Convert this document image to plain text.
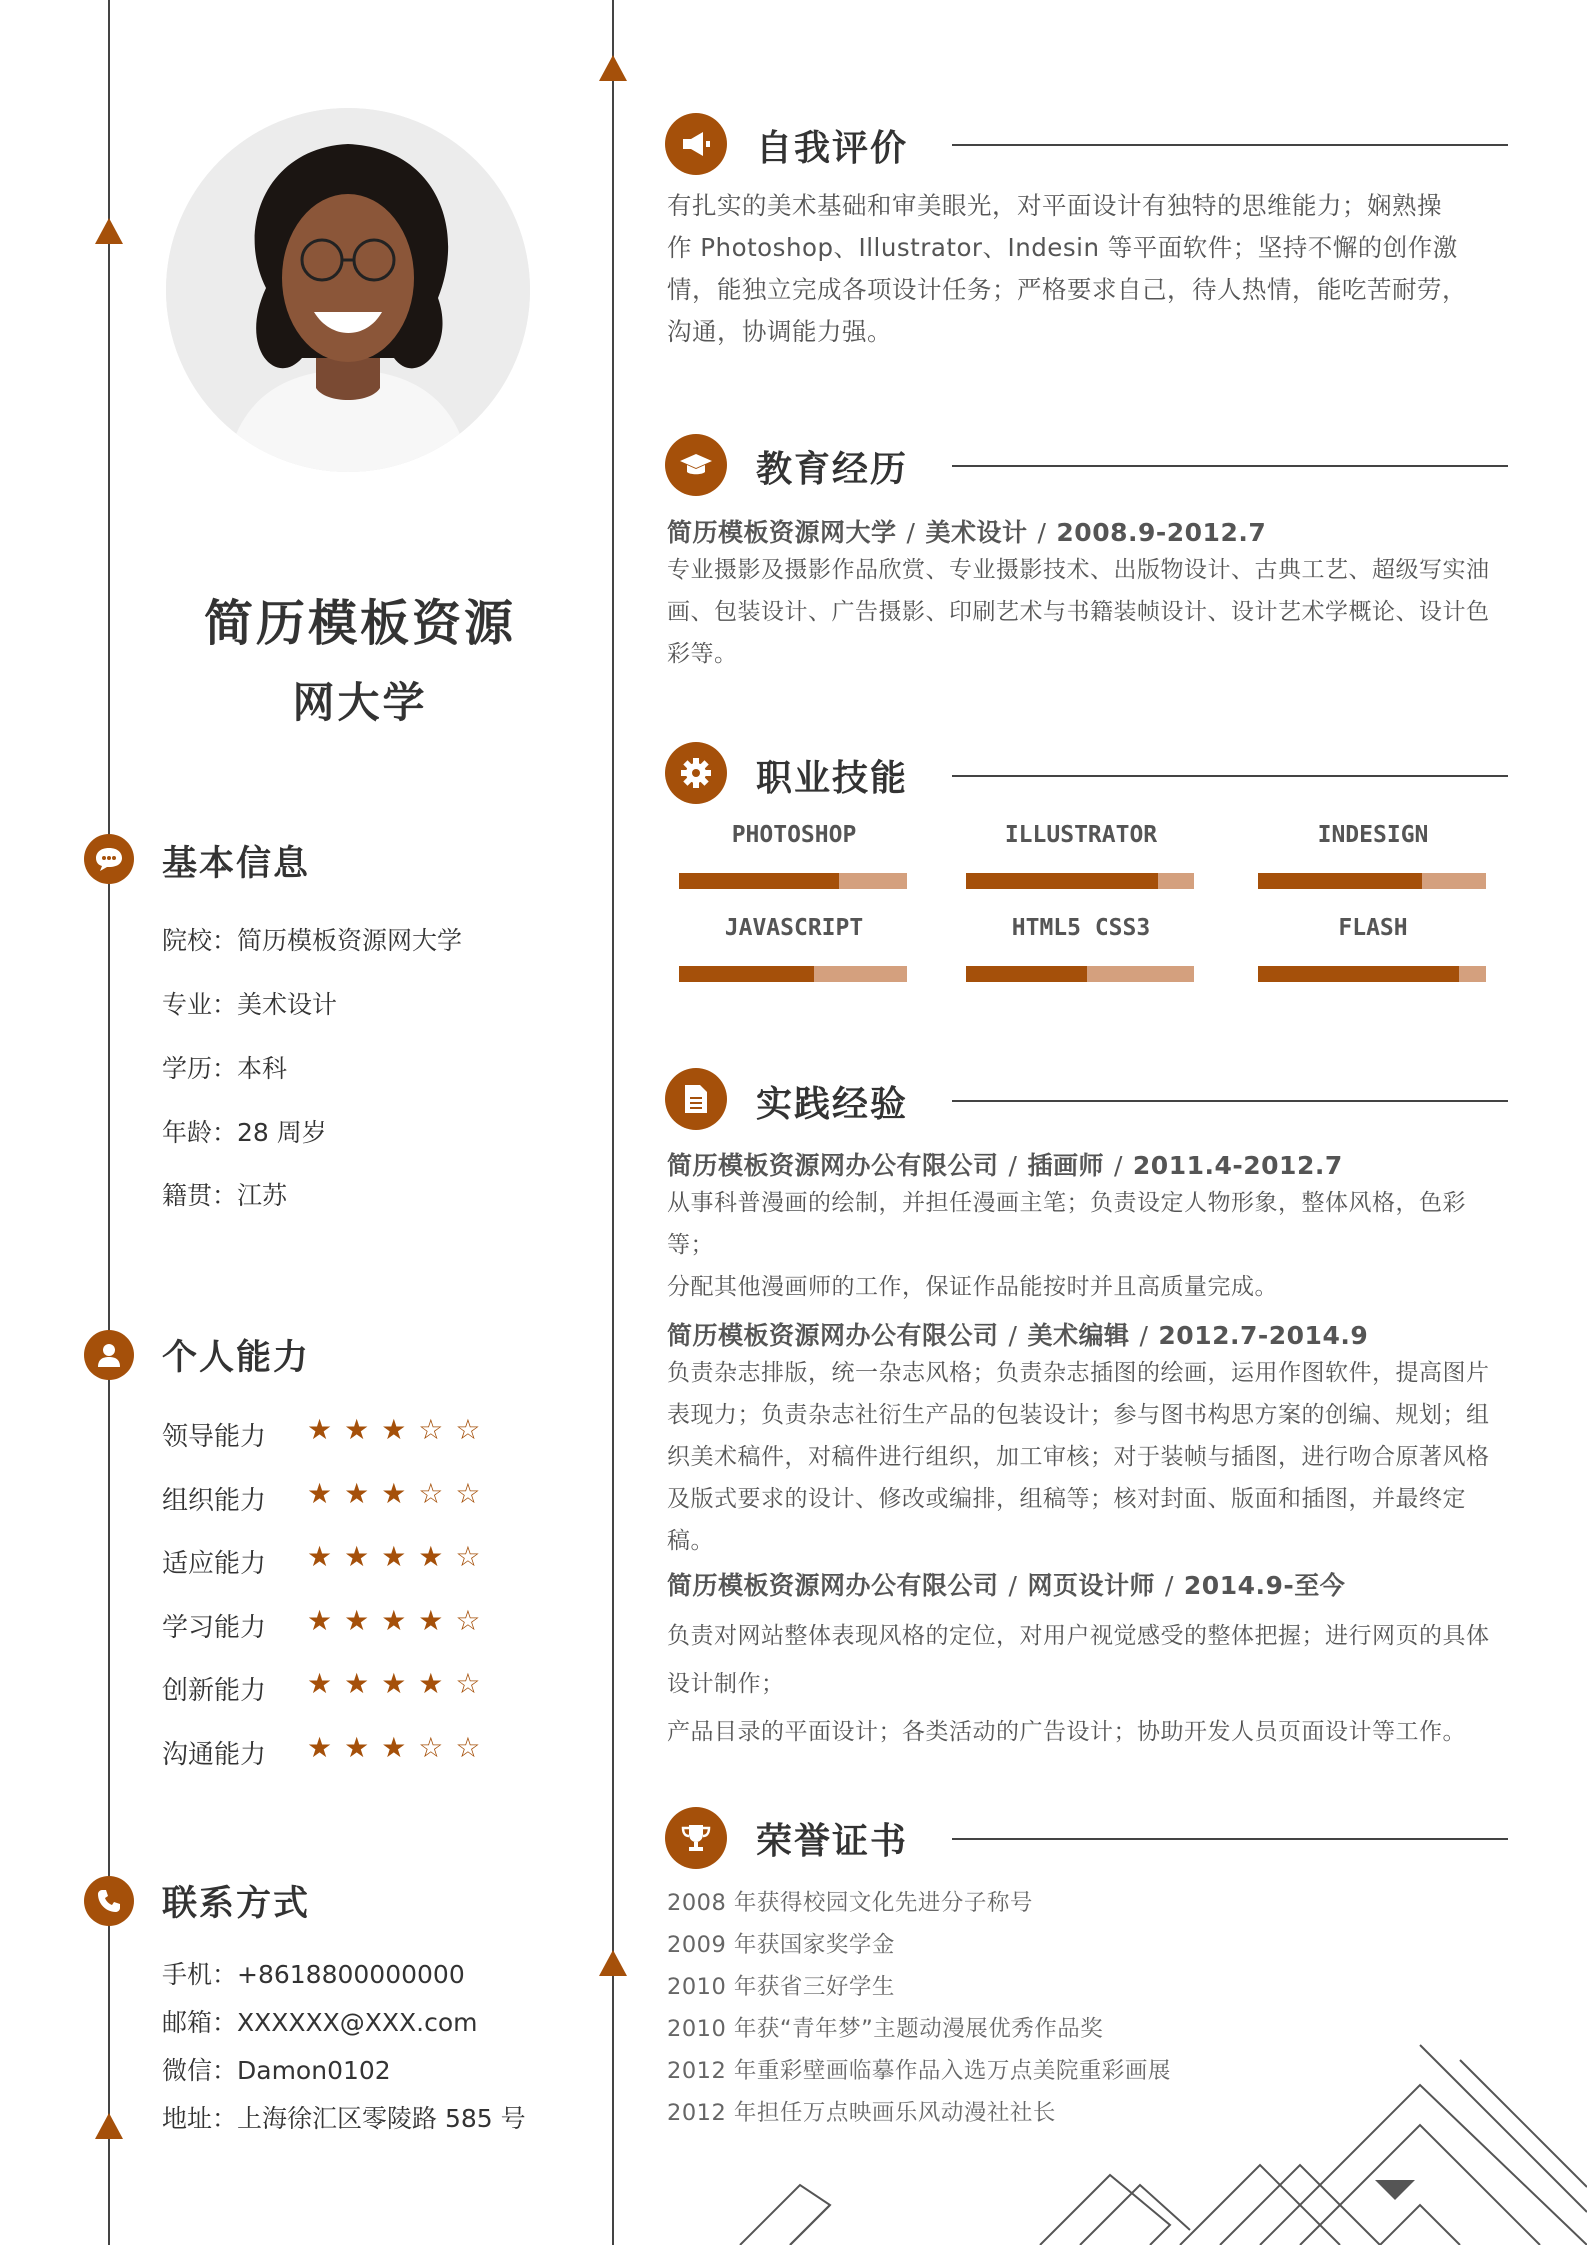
简历模板资源
网大学
基本信息
院校：简历模板资源网大学
专业：美术设计
学历：本科
年龄：28 周岁
籍贯：江苏
个人能力
领导能力 ★★★☆☆
组织能力 ★★★☆☆
适应能力 ★★★★☆
学习能力 ★★★★☆
创新能力 ★★★★☆
沟通能力 ★★★☆☆
联系方式
手机：+8618800000000
邮箱：XXXXXX@XXX.com
微信：Damon0102
地址：上海徐汇区零陵路 585 号
自我评价
有扎实的美术基础和审美眼光，对平面设计有独特的思维能力；娴熟操
作 Photoshop、Illustrator、Indesin 等平面软件；坚持不懈的创作激
情，能独立完成各项设计任务；严格要求自己，待人热情，能吃苦耐劳，
沟通，协调能力强。
教育经历
简历模板资源网大学 / 美术设计 / 2008.9-2012.7
专业摄影及摄影作品欣赏、专业摄影技术、出版物设计、古典工艺、超级写实油
画、包装设计、广告摄影、印刷艺术与书籍装帧设计、设计艺术学概论、设计色
彩等。
职业技能
PHOTOSHOP	ILLUSTRATOR	INDESIGN
JAVASCRIPT	HTML5 CSS3	FLASH
实践经验
简历模板资源网办公有限公司 / 插画师 / 2011.4-2012.7
从事科普漫画的绘制，并担任漫画主笔；负责设定人物形象，整体风格，色彩等；
分配其他漫画师的工作，保证作品能按时并且高质量完成。
简历模板资源网办公有限公司 / 美术编辑 / 2012.7-2014.9
负责杂志排版，统一杂志风格；负责杂志插图的绘画，运用作图软件，提高图片
表现力；负责杂志社衍生产品的包装设计；参与图书构思方案的创编、规划；组
织美术稿件，对稿件进行组织，加工审核；对于装帧与插图，进行吻合原著风格
及版式要求的设计、修改或编排，组稿等；核对封面、版面和插图，并最终定稿。
简历模板资源网办公有限公司 / 网页设计师 / 2014.9-至今
负责对网站整体表现风格的定位，对用户视觉感受的整体把握；进行网页的具体
设计制作；
产品目录的平面设计；各类活动的广告设计；协助开发人员页面设计等工作。
荣誉证书
2008 年获得校园文化先进分子称号
2009 年获国家奖学金
2010 年获省三好学生
2010 年获“青年梦”主题动漫展优秀作品奖
2012 年重彩壁画临摹作品入选万点美院重彩画展
2012 年担任万点映画乐风动漫社社长
